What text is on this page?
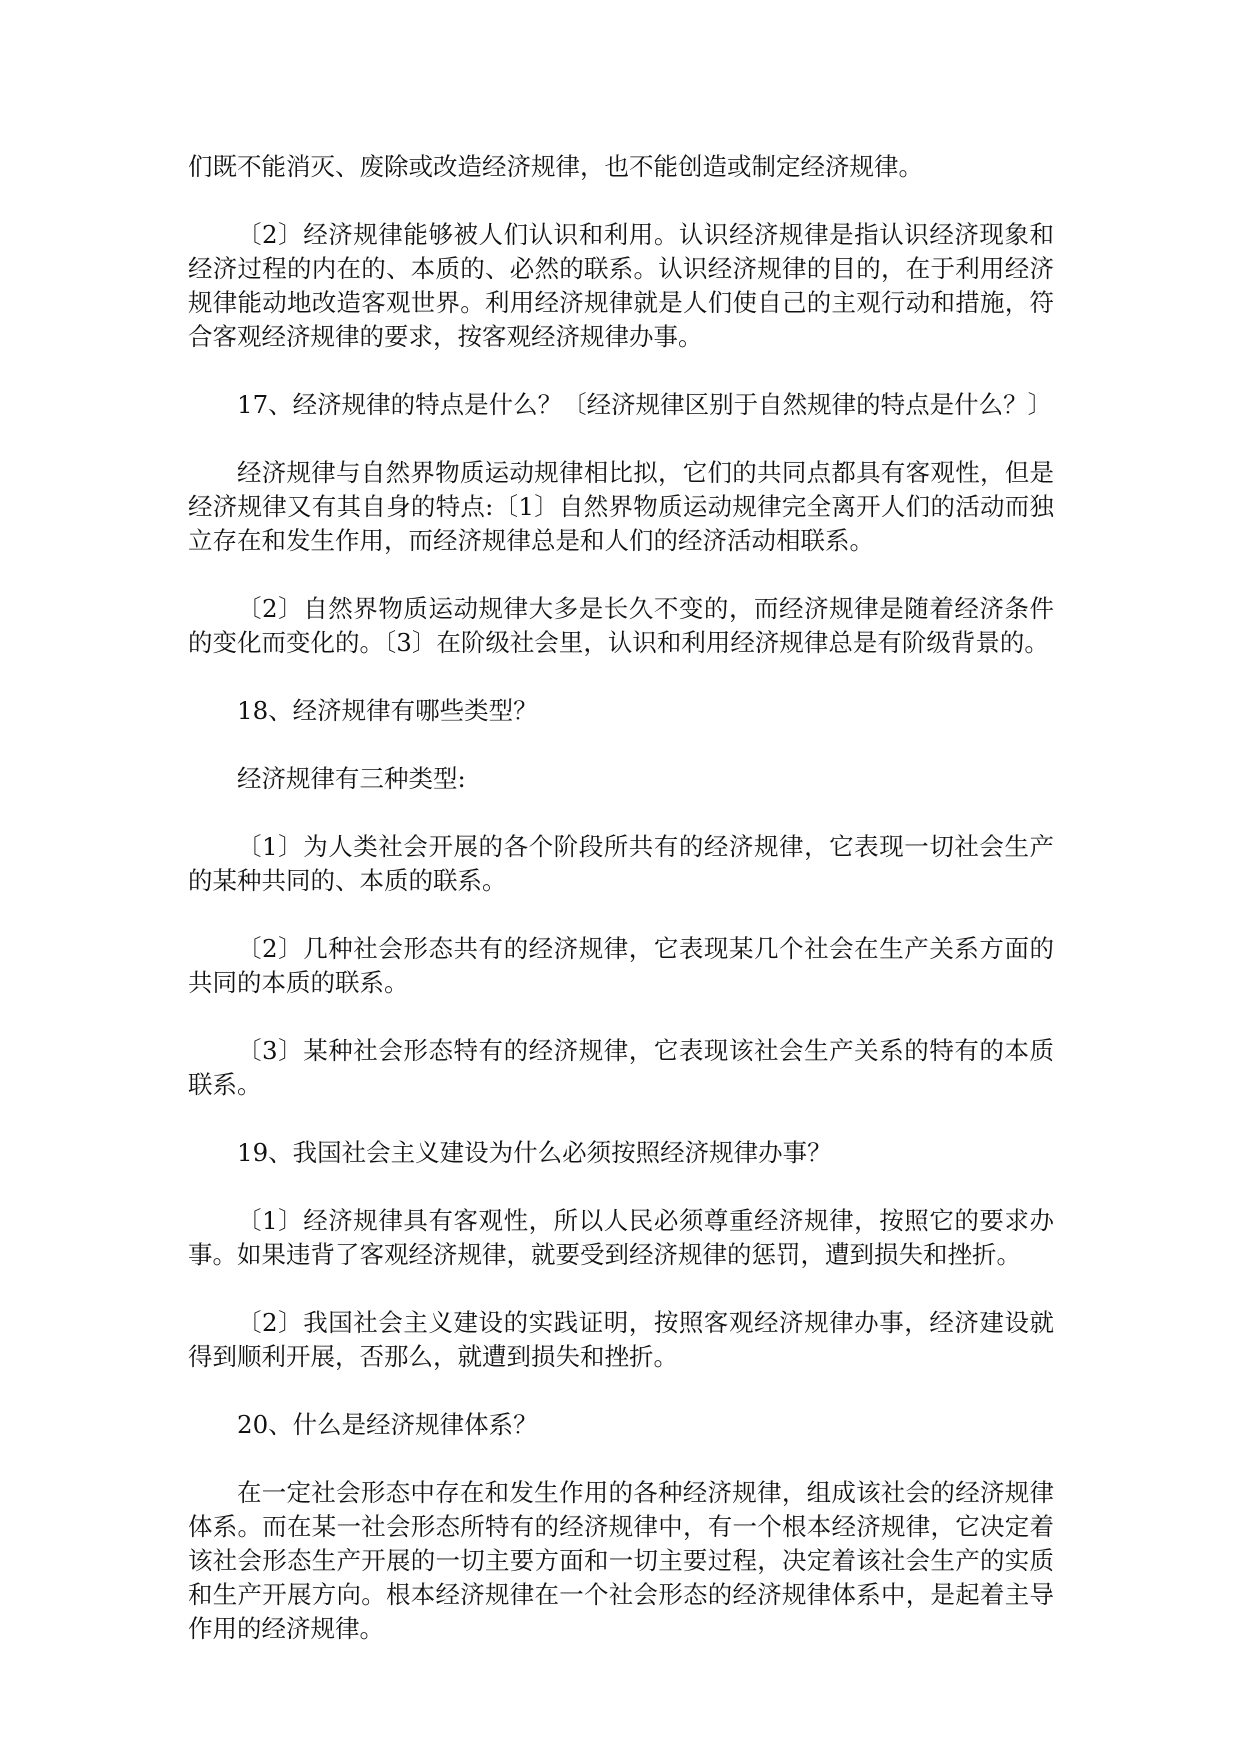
们既不能消灭、废除或改造经济规律，也不能创造或制定经济规律。

〔2〕经济规律能够被人们认识和利用。认识经济规律是指认识经济现象和经济过程的内在的、本质的、必然的联系。认识经济规律的目的，在于利用经济规律能动地改造客观世界。利用经济规律就是人们使自己的主观行动和措施，符合客观经济规律的要求，按客观经济规律办事。

17、经济规律的特点是什么？〔经济规律区别于自然规律的特点是什么？〕

经济规律与自然界物质运动规律相比拟，它们的共同点都具有客观性，但是经济规律又有其自身的特点:〔1〕自然界物质运动规律完全离开人们的活动而独立存在和发生作用，而经济规律总是和人们的经济活动相联系。

〔2〕自然界物质运动规律大多是长久不变的，而经济规律是随着经济条件的变化而变化的。〔3〕在阶级社会里，认识和利用经济规律总是有阶级背景的。

18、经济规律有哪些类型？

经济规律有三种类型:

〔1〕为人类社会开展的各个阶段所共有的经济规律，它表现一切社会生产的某种共同的、本质的联系。

〔2〕几种社会形态共有的经济规律，它表现某几个社会在生产关系方面的共同的本质的联系。

〔3〕某种社会形态特有的经济规律，它表现该社会生产关系的特有的本质联系。

19、我国社会主义建设为什么必须按照经济规律办事？

〔1〕经济规律具有客观性，所以人民必须尊重经济规律，按照它的要求办事。如果违背了客观经济规律，就要受到经济规律的惩罚，遭到损失和挫折。

〔2〕我国社会主义建设的实践证明，按照客观经济规律办事，经济建设就得到顺利开展，否那么，就遭到损失和挫折。

20、什么是经济规律体系？

在一定社会形态中存在和发生作用的各种经济规律，组成该社会的经济规律体系。而在某一社会形态所特有的经济规律中，有一个根本经济规律，它决定着该社会形态生产开展的一切主要方面和一切主要过程，决定着该社会生产的实质和生产开展方向。根本经济规律在一个社会形态的经济规律体系中，是起着主导作用的经济规律。
